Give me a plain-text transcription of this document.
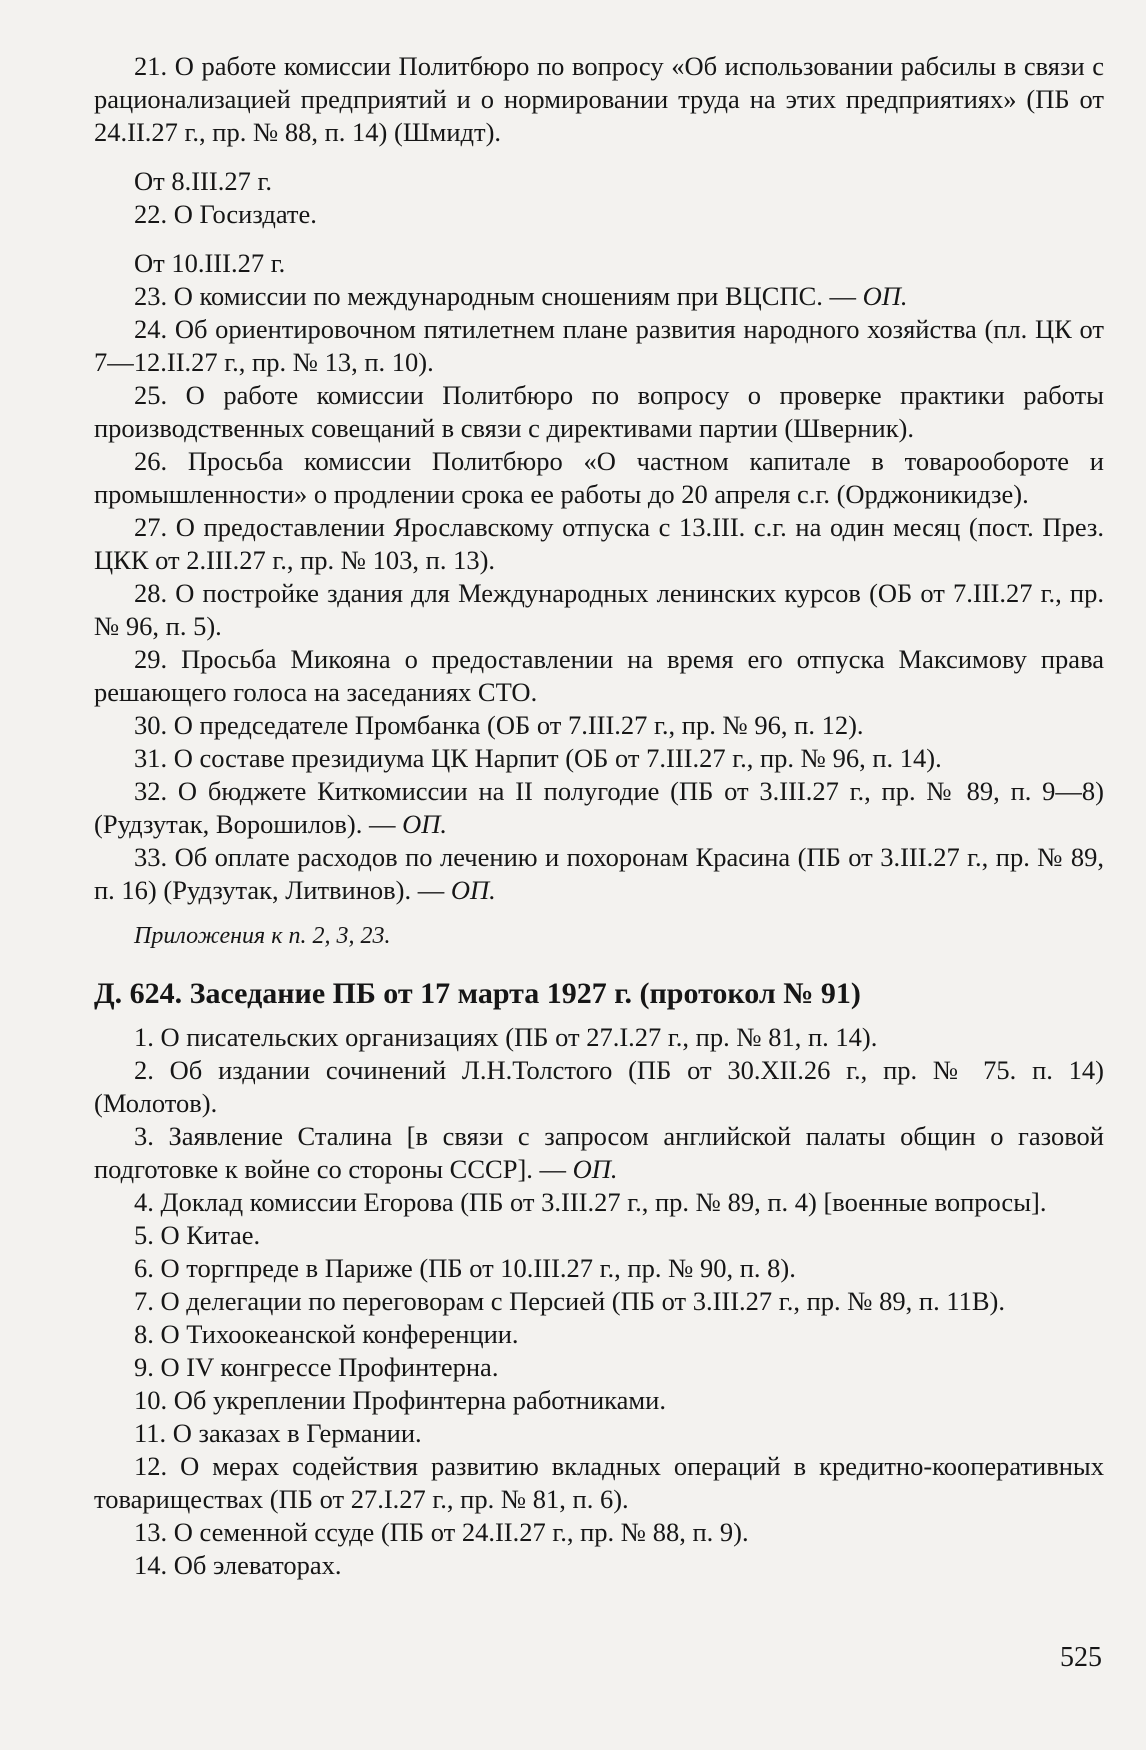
21. О работе комиссии Политбюро по вопросу «Об использовании рабсилы в связи с рационализацией предприятий и о нормировании труда на этих предприятиях» (ПБ от 24.II.27 г., пр. № 88, п. 14) (Шмидт).

От 8.III.27 г.

22. О Госиздате.

От 10.III.27 г.

23. О комиссии по международным сношениям при ВЦСПС. — ОП.

24. Об ориентировочном пятилетнем плане развития народного хозяйства (пл. ЦК от 7—12.II.27 г., пр. № 13, п. 10).

25. О работе комиссии Политбюро по вопросу о проверке практики работы производственных совещаний в связи с директивами партии (Шверник).

26. Просьба комиссии Политбюро «О частном капитале в товарообороте и промышленности» о продлении срока ее работы до 20 апреля с.г. (Орджоникидзе).

27. О предоставлении Ярославскому отпуска с 13.III. с.г. на один месяц (пост. През. ЦКК от 2.III.27 г., пр. № 103, п. 13).

28. О постройке здания для Международных ленинских курсов (ОБ от 7.III.27 г., пр. № 96, п. 5).

29. Просьба Микояна о предоставлении на время его отпуска Максимову права решающего голоса на заседаниях СТО.

30. О председателе Промбанка (ОБ от 7.III.27 г., пр. № 96, п. 12).

31. О составе президиума ЦК Нарпит (ОБ от 7.III.27 г., пр. № 96, п. 14).

32. О бюджете Киткомиссии на II полугодие (ПБ от 3.III.27 г., пр. № 89, п. 9—8) (Рудзутак, Ворошилов). — ОП.

33. Об оплате расходов по лечению и похоронам Красина (ПБ от 3.III.27 г., пр. № 89, п. 16) (Рудзутак, Литвинов). — ОП.

Приложения к п. 2, 3, 23.
Д. 624. Заседание ПБ от 17 марта 1927 г. (протокол № 91)

1. О писательских организациях (ПБ от 27.I.27 г., пр. № 81, п. 14).

2. Об издании сочинений Л.Н.Толстого (ПБ от 30.XII.26 г., пр. № 75. п. 14) (Молотов).

3. Заявление Сталина [в связи с запросом английской палаты общин о газовой подготовке к войне со стороны СССР]. — ОП.

4. Доклад комиссии Егорова (ПБ от 3.III.27 г., пр. № 89, п. 4) [военные вопросы].

5. О Китае.

6. О торгпреде в Париже (ПБ от 10.III.27 г., пр. № 90, п. 8).

7. О делегации по переговорам с Персией (ПБ от 3.III.27 г., пр. № 89, п. 11В).

8. О Тихоокеанской конференции.

9. О IV конгрессе Профинтерна.

10. Об укреплении Профинтерна работниками.

11. О заказах в Германии.

12. О мерах содействия развитию вкладных операций в кредитно-кооперативных товариществах (ПБ от 27.I.27 г., пр. № 81, п. 6).

13. О семенной ссуде (ПБ от 24.II.27 г., пр. № 88, п. 9).

14. Об элеваторах.

525
